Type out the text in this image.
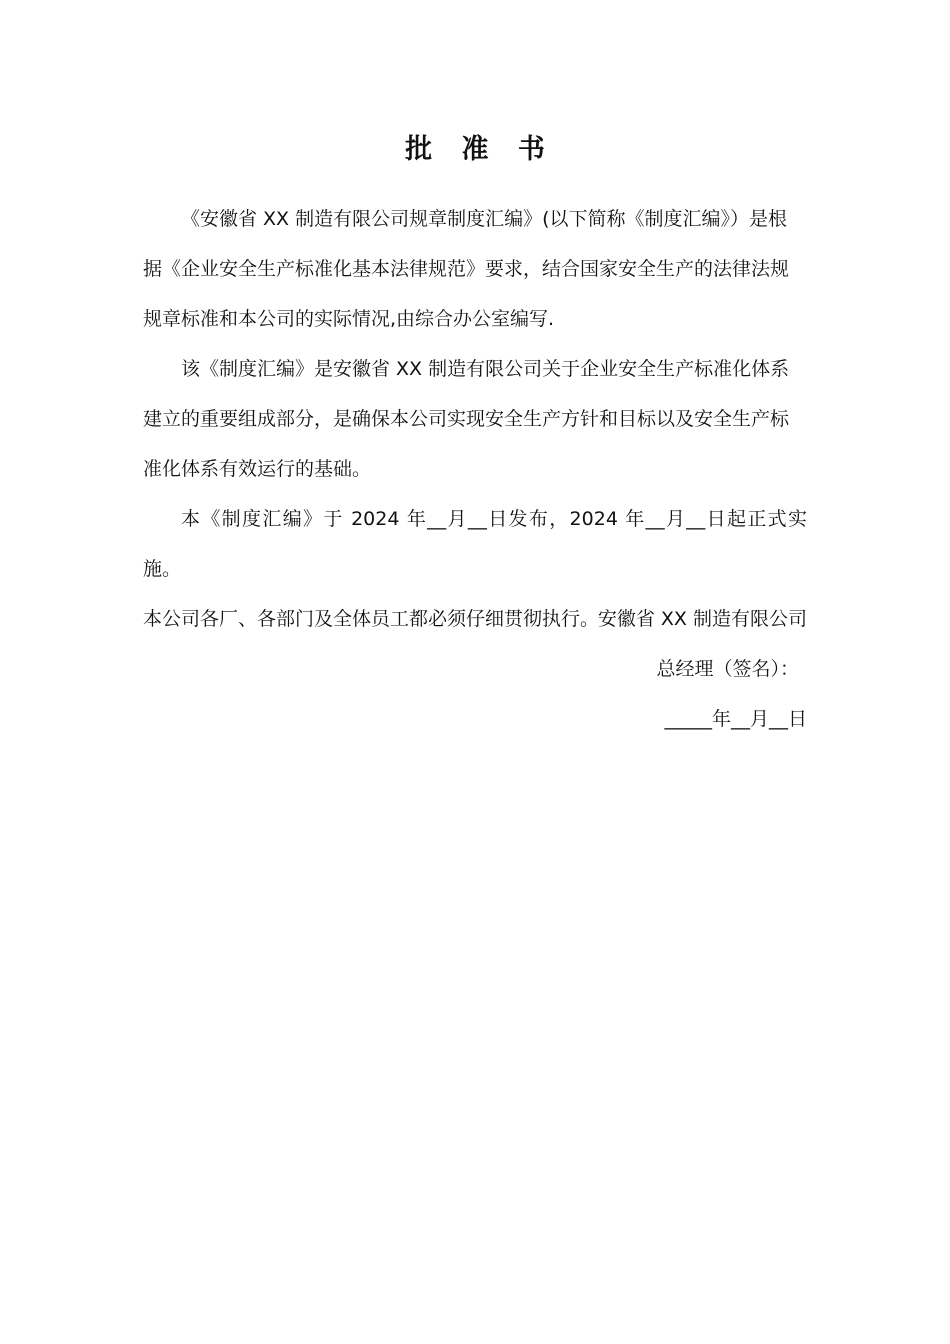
批 准 书

《安徽省 XX 制造有限公司规章制度汇编》(以下简称《制度汇编》）是根

据《企业安全生产标准化基本法律规范》要求，结合国家安全生产的法律法规

规章标准和本公司的实际情况,由综合办公室编写.

该《制度汇编》是安徽省 XX 制造有限公司关于企业安全生产标准化体系

建立的重要组成部分，是确保本公司实现安全生产方针和目标以及安全生产标

准化体系有效运行的基础。

本《制度汇编》于 2024 年__月__日发布，2024 年__月__日起正式实施。

本公司各厂、各部门及全体员工都必须仔细贯彻执行。

安徽省 XX 制造有限公司
总经理（签名）：
_____年__月__日
